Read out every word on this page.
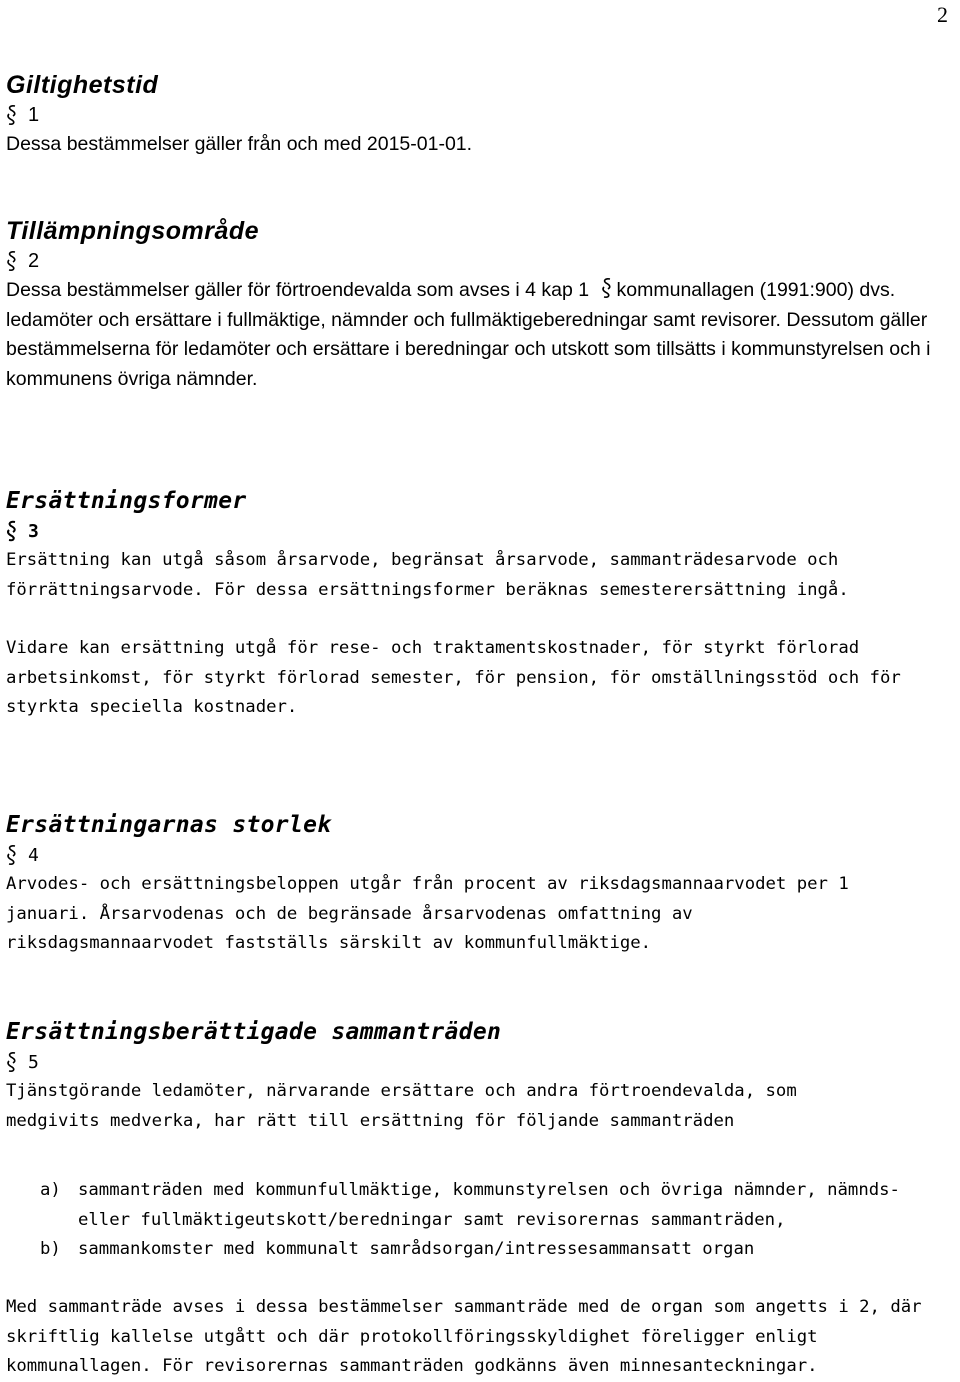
2
Giltighetstid
1

Dessa bestämmelser gäller från och med 2015-01-01.

Tillämpningsområde
2

Dessa bestämmelser gäller för förtroendevalda som avses i 4 kap 1 kommunallagen (1991:900) dvs. ledamöter och ersättare i fullmäktige, nämnder och fullmäktigeberedningar samt revisorer. Dessutom gäller bestämmelserna för ledamöter och ersättare i beredningar och utskott som tillsätts i kommunstyrelsen och i kommunens övriga nämnder.

Ersättningsformer
3

Ersättning kan utgå såsom årsarvode, begränsat årsarvode, sammanträdesarvode och förrättningsarvode. För dessa ersättningsformer beräknas semesterersättning ingå.

Vidare kan ersättning utgå för rese- och traktamentskostnader, för styrkt förlorad arbetsinkomst, för styrkt förlorad semester, för pension, för omställningsstöd och för styrkta speciella kostnader.

Ersättningarnas storlek
4

Arvodes- och ersättningsbeloppen utgår från procent av riksdagsmannaarvodet per 1 januari. Årsarvodenas och de begränsade årsarvodenas omfattning av riksdagsmannaarvodet fastställs särskilt av kommunfullmäktige.

Ersättningsberättigade sammanträden
5

Tjänstgörande ledamöter, närvarande ersättare och andra förtroendevalda, som medgivits medverka, har rätt till ersättning för följande sammanträden

a) sammanträden med kommunfullmäktige, kommunstyrelsen och övriga nämnder, nämnds- eller fullmäktigeutskott/beredningar samt revisorernas sammanträden,
b) sammankomster med kommunalt samrådsorgan/intressesammansatt organ

Med sammanträde avses i dessa bestämmelser sammanträde med de organ som angetts i 2, där skriftlig kallelse utgått och där protokollföringsskyldighet föreligger enligt kommunallagen. För revisorernas sammanträden godkänns även minnesanteckningar.
